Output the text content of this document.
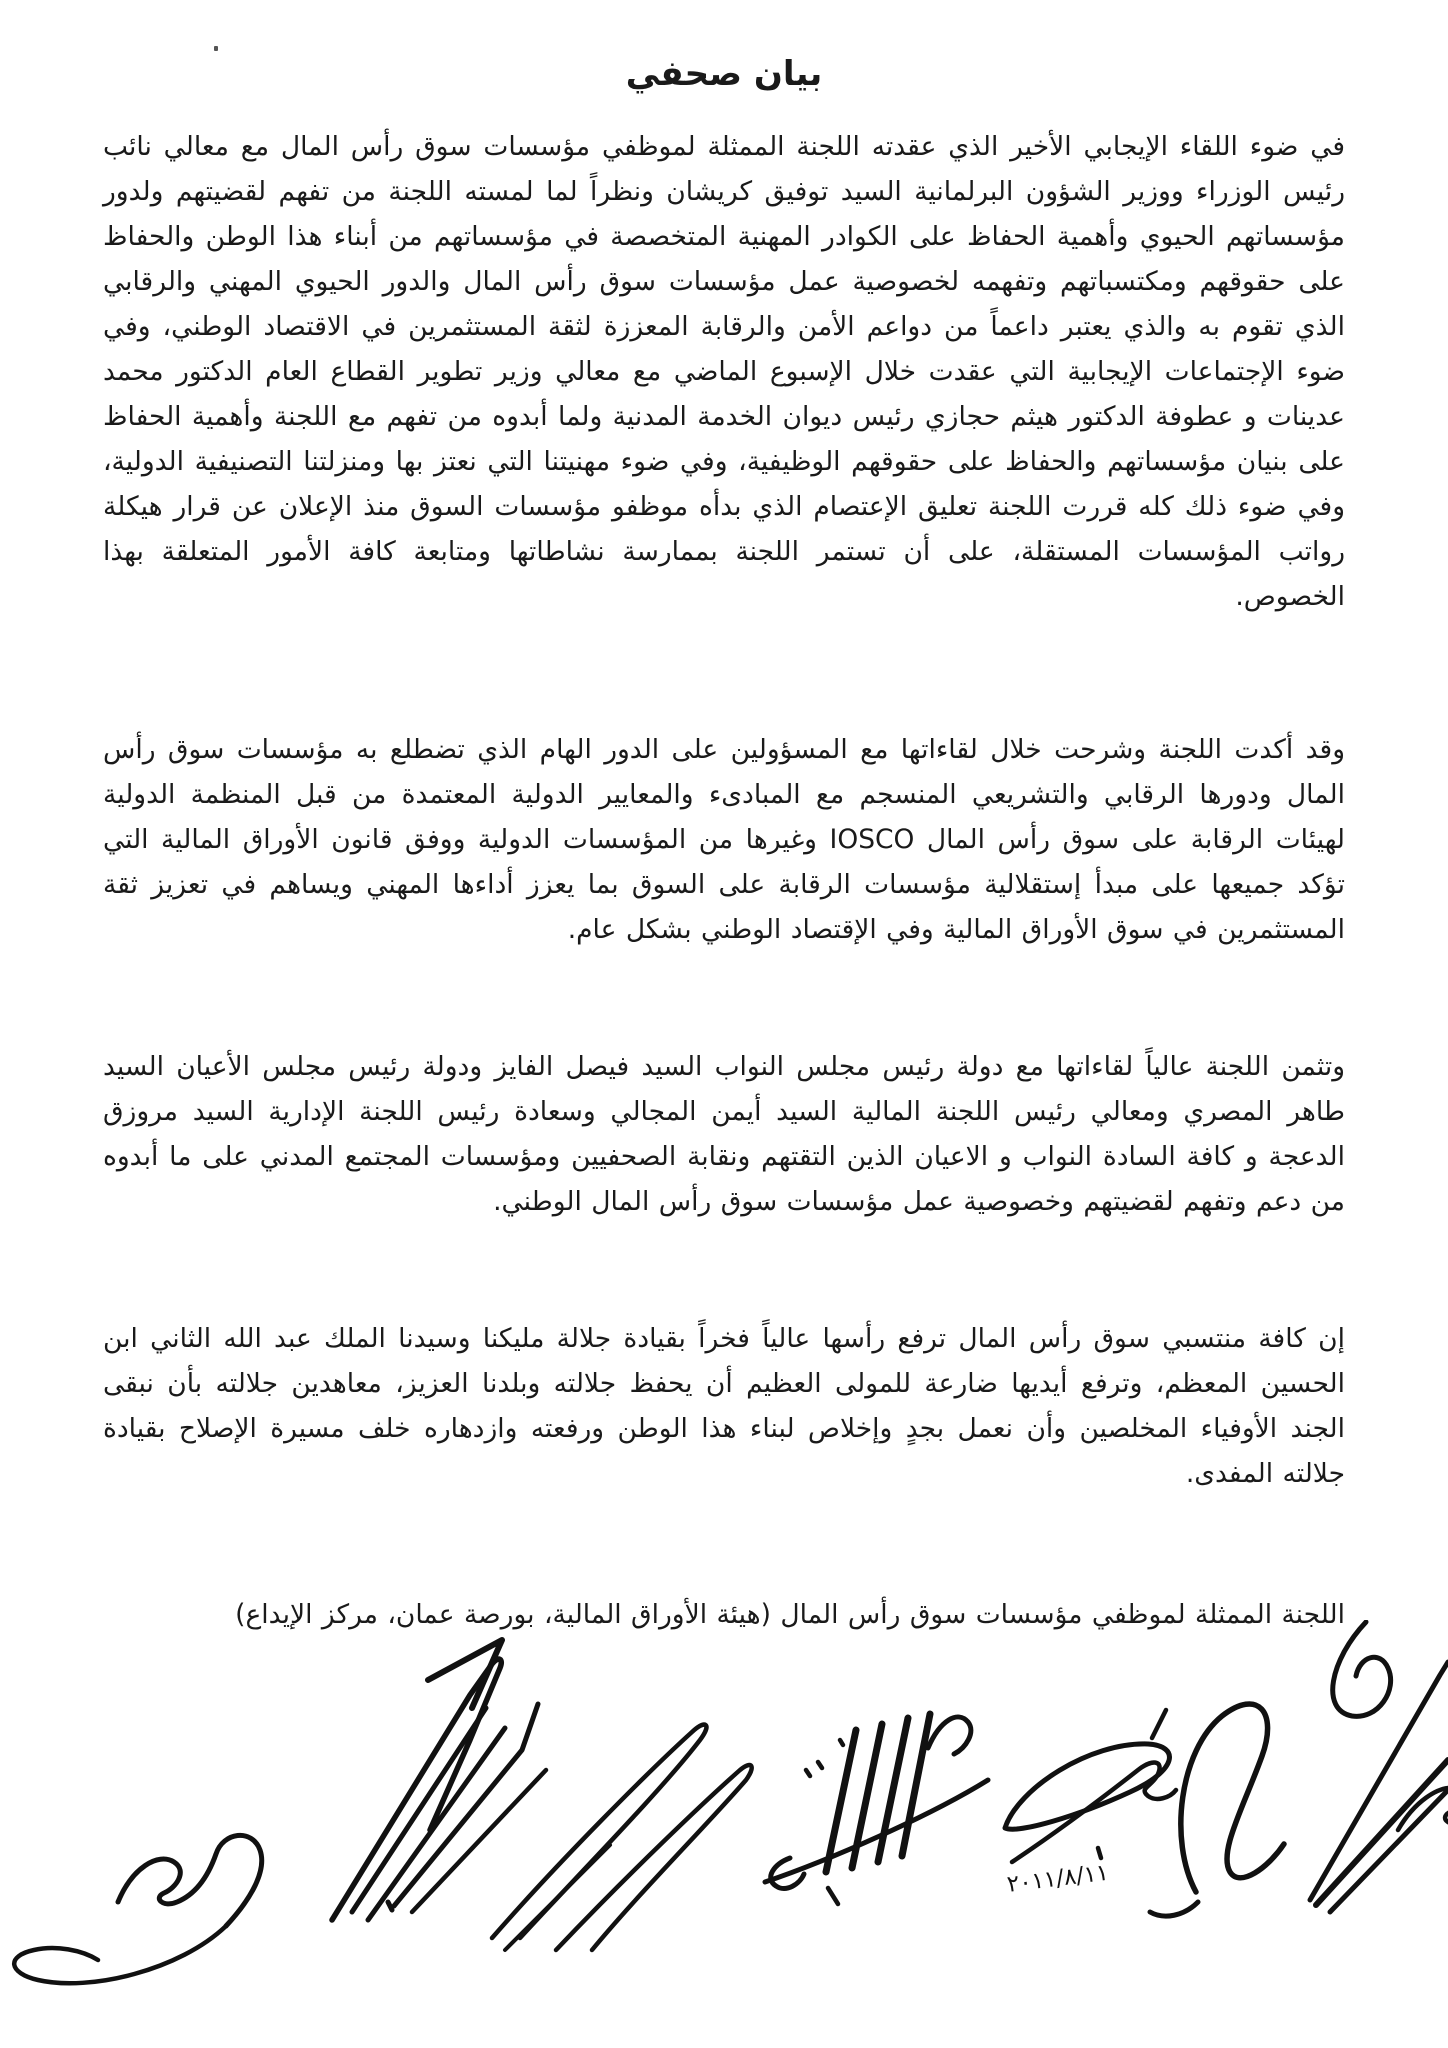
بيان صحفي

في ضوء اللقاء الإيجابي الأخير الذي عقدته اللجنة الممثلة لموظفي مؤسسات سوق رأس المال مع معالي نائب رئيس الوزراء ووزير الشؤون البرلمانية السيد توفيق كريشان ونظراً لما لمسته اللجنة من تفهم لقضيتهم ولدور مؤسساتهم الحيوي وأهمية الحفاظ على الكوادر المهنية المتخصصة في مؤسساتهم من أبناء هذا الوطن والحفاظ على حقوقهم ومكتسباتهم وتفهمه لخصوصية عمل مؤسسات سوق رأس المال والدور الحيوي المهني والرقابي الذي تقوم به والذي يعتبر داعماً من دواعم الأمن والرقابة المعززة لثقة المستثمرين في الاقتصاد الوطني، وفي ضوء الإجتماعات الإيجابية التي عقدت خلال الإسبوع الماضي مع معالي وزير تطوير القطاع العام الدكتور محمد عدينات و عطوفة الدكتور هيثم حجازي رئيس ديوان الخدمة المدنية ولما أبدوه من تفهم مع اللجنة وأهمية الحفاظ على بنيان مؤسساتهم والحفاظ على حقوقهم الوظيفية، وفي ضوء مهنيتنا التي نعتز بها ومنزلتنا التصنيفية الدولية، وفي ضوء ذلك كله قررت اللجنة تعليق الإعتصام الذي بدأه موظفو مؤسسات السوق منذ الإعلان عن قرار هيكلة رواتب المؤسسات المستقلة، على أن تستمر اللجنة بممارسة نشاطاتها ومتابعة كافة الأمور المتعلقة بهذا الخصوص.

وقد أكدت اللجنة وشرحت خلال لقاءاتها مع المسؤولين على الدور الهام الذي تضطلع به مؤسسات سوق رأس المال ودورها الرقابي والتشريعي المنسجم مع المبادىء والمعايير الدولية المعتمدة من قبل المنظمة الدولية لهيئات الرقابة على سوق رأس المال IOSCO وغيرها من المؤسسات الدولية ووفق قانون الأوراق المالية التي تؤكد جميعها على مبدأ إستقلالية مؤسسات الرقابة على السوق بما يعزز أداءها المهني ويساهم في تعزيز ثقة المستثمرين في سوق الأوراق المالية وفي الإقتصاد الوطني بشكل عام.

وتثمن اللجنة عالياً لقاءاتها مع دولة رئيس مجلس النواب السيد فيصل الفايز ودولة رئيس مجلس الأعيان السيد طاهر المصري ومعالي رئيس اللجنة المالية السيد أيمن المجالي وسعادة رئيس اللجنة الإدارية السيد مروزق الدعجة و كافة السادة النواب و الاعيان الذين التقتهم ونقابة الصحفيين ومؤسسات المجتمع المدني على ما أبدوه من دعم وتفهم لقضيتهم وخصوصية عمل مؤسسات سوق رأس المال الوطني.

إن كافة منتسبي سوق رأس المال ترفع رأسها عالياً فخراً بقيادة جلالة مليكنا وسيدنا الملك عبد الله الثاني ابن الحسين المعظم، وترفع أيديها ضارعة للمولى العظيم أن يحفظ جلالته وبلدنا العزيز، معاهدين جلالته بأن نبقى الجند الأوفياء المخلصين وأن نعمل بجدٍ وإخلاص لبناء هذا الوطن ورفعته وازدهاره خلف مسيرة الإصلاح بقيادة جلالته المفدى.

اللجنة الممثلة لموظفي مؤسسات سوق رأس المال (هيئة الأوراق المالية، بورصة عمان، مركز الإيداع)

٢٠١١/٨/١١
